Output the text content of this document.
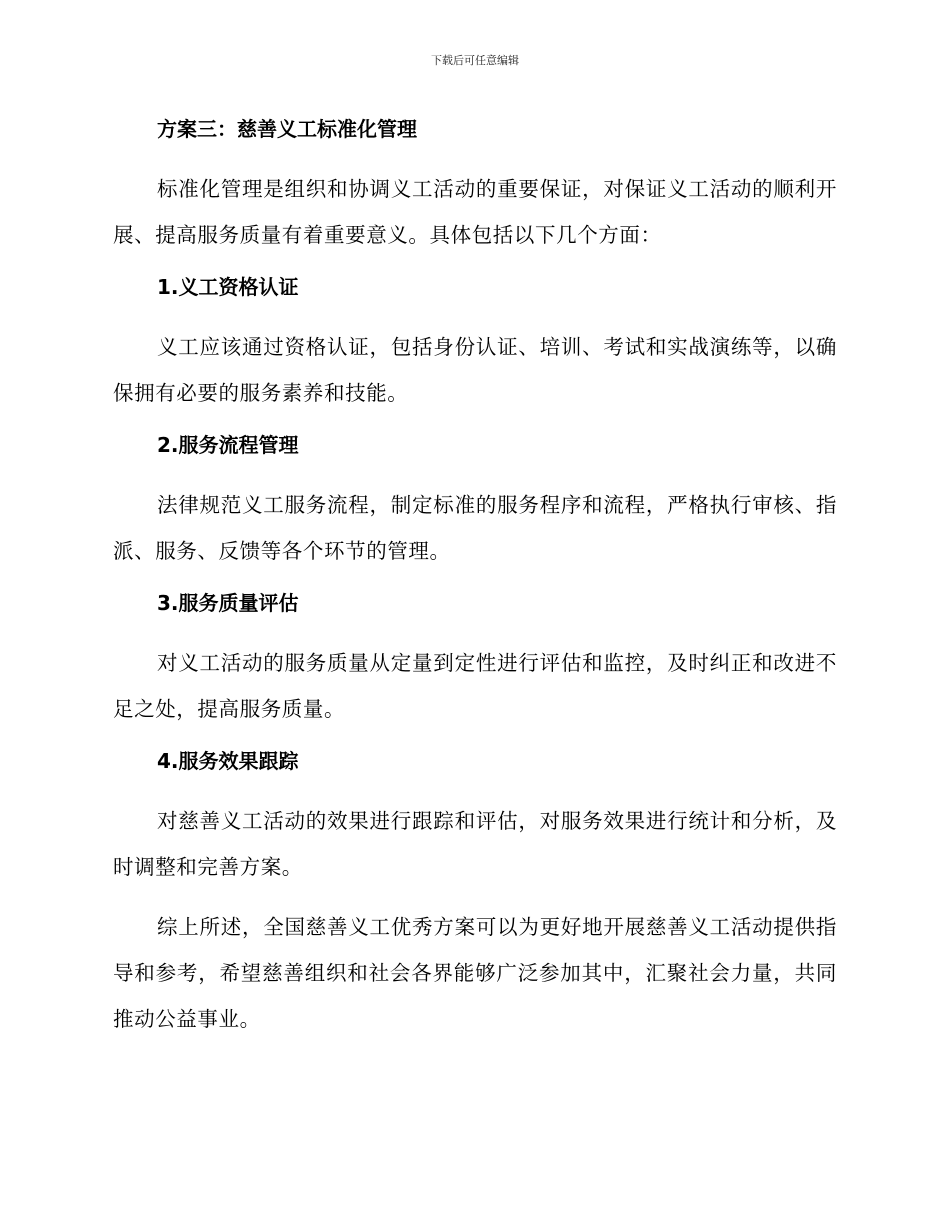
下载后可任意编辑
方案三：慈善义工标准化管理

标准化管理是组织和协调义工活动的重要保证，对保证义工活动的顺利开展、提高服务质量有着重要意义。具体包括以下几个方面：

1.义工资格认证

义工应该通过资格认证，包括身份认证、培训、考试和实战演练等，以确保拥有必要的服务素养和技能。

2.服务流程管理

法律规范义工服务流程，制定标准的服务程序和流程，严格执行审核、指派、服务、反馈等各个环节的管理。

3.服务质量评估

对义工活动的服务质量从定量到定性进行评估和监控，及时纠正和改进不足之处，提高服务质量。

4.服务效果跟踪

对慈善义工活动的效果进行跟踪和评估，对服务效果进行统计和分析，及时调整和完善方案。

综上所述，全国慈善义工优秀方案可以为更好地开展慈善义工活动提供指导和参考，希望慈善组织和社会各界能够广泛参加其中，汇聚社会力量，共同推动公益事业。
